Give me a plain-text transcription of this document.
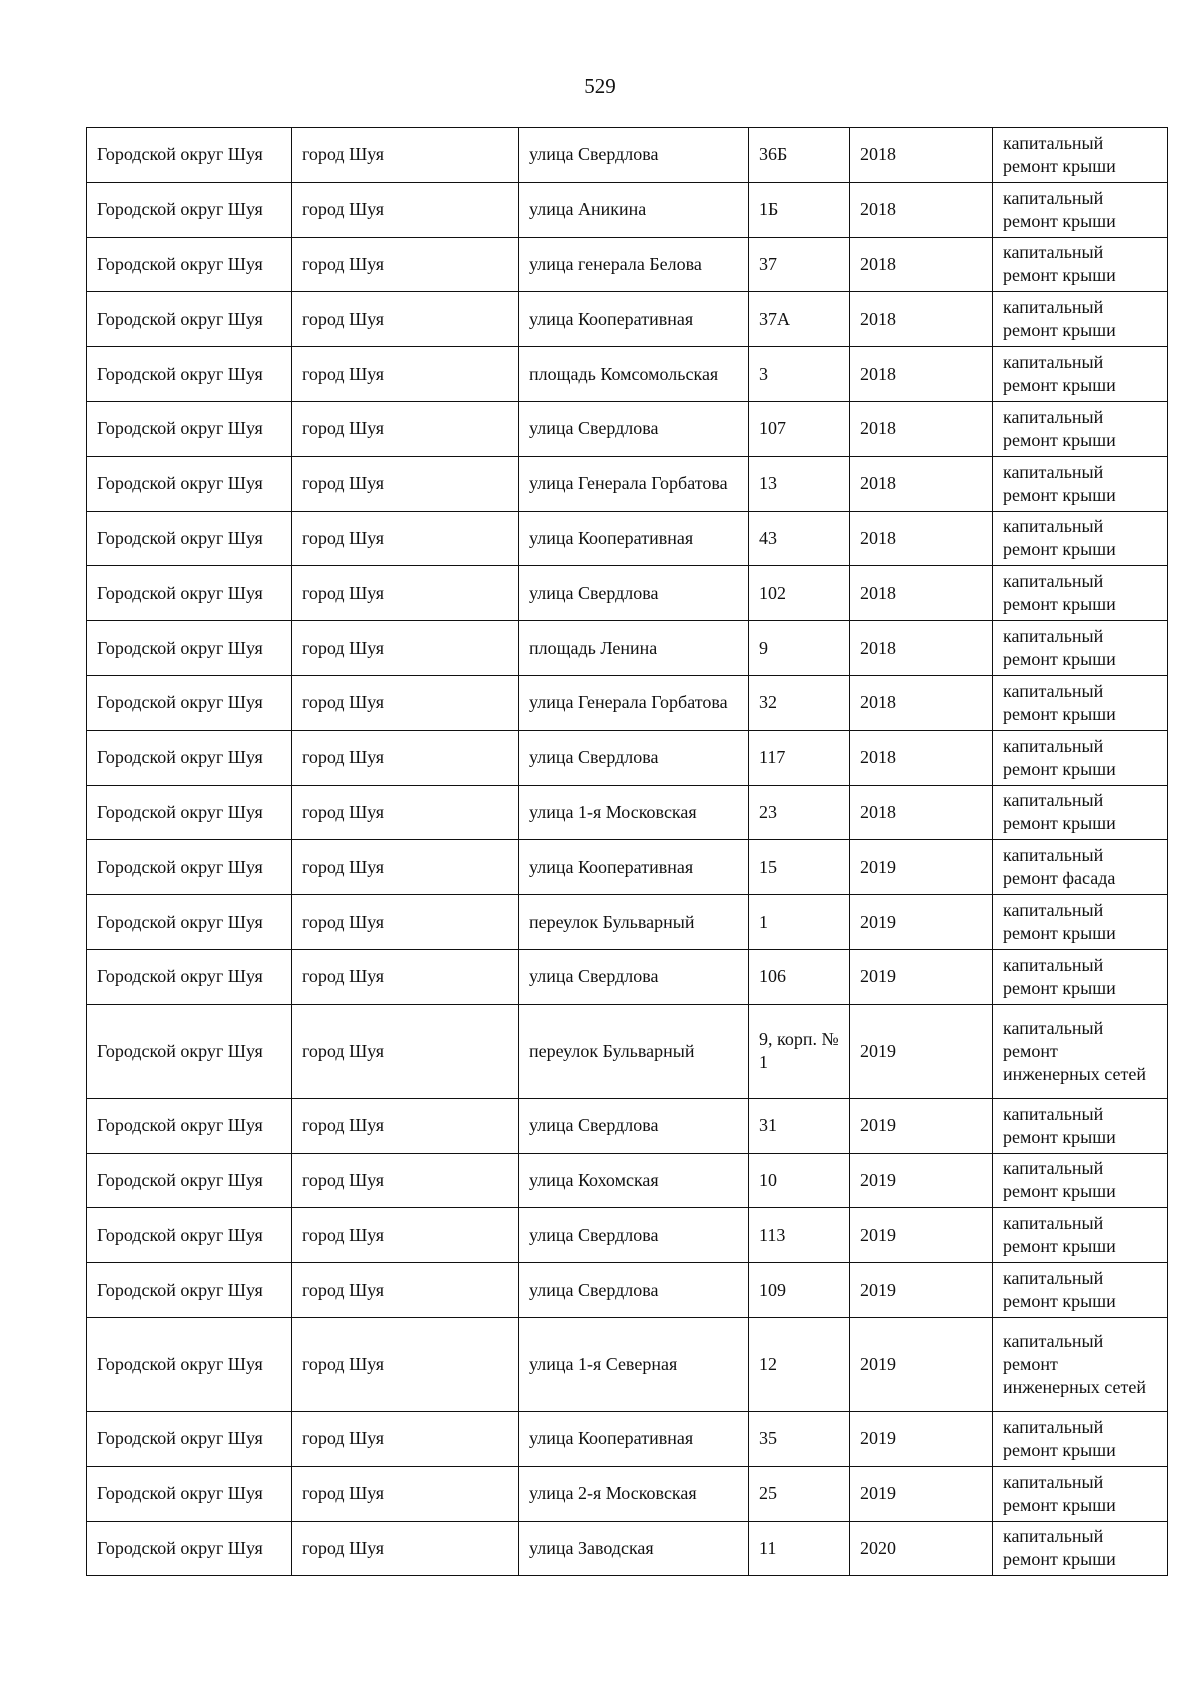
529
Городской округ Шуя	город Шуя	улица Свердлова	36Б	2018	капитальный ремонт крыши
Городской округ Шуя	город Шуя	улица Аникина	1Б	2018	капитальный ремонт крыши
Городской округ Шуя	город Шуя	улица генерала Белова	37	2018	капитальный ремонт крыши
Городской округ Шуя	город Шуя	улица Кооперативная	37А	2018	капитальный ремонт крыши
Городской округ Шуя	город Шуя	площадь Комсомольская	3	2018	капитальный ремонт крыши
Городской округ Шуя	город Шуя	улица Свердлова	107	2018	капитальный ремонт крыши
Городской округ Шуя	город Шуя	улица Генерала Горбатова	13	2018	капитальный ремонт крыши
Городской округ Шуя	город Шуя	улица Кооперативная	43	2018	капитальный ремонт крыши
Городской округ Шуя	город Шуя	улица Свердлова	102	2018	капитальный ремонт крыши
Городской округ Шуя	город Шуя	площадь Ленина	9	2018	капитальный ремонт крыши
Городской округ Шуя	город Шуя	улица Генерала Горбатова	32	2018	капитальный ремонт крыши
Городской округ Шуя	город Шуя	улица Свердлова	117	2018	капитальный ремонт крыши
Городской округ Шуя	город Шуя	улица 1-я Московская	23	2018	капитальный ремонт крыши
Городской округ Шуя	город Шуя	улица Кооперативная	15	2019	капитальный ремонт фасада
Городской округ Шуя	город Шуя	переулок Бульварный	1	2019	капитальный ремонт крыши
Городской округ Шуя	город Шуя	улица Свердлова	106	2019	капитальный ремонт крыши
Городской округ Шуя	город Шуя	переулок Бульварный	9, корп. № 1	2019	капитальный ремонт инженерных сетей
Городской округ Шуя	город Шуя	улица Свердлова	31	2019	капитальный ремонт крыши
Городской округ Шуя	город Шуя	улица Кохомская	10	2019	капитальный ремонт крыши
Городской округ Шуя	город Шуя	улица Свердлова	113	2019	капитальный ремонт крыши
Городской округ Шуя	город Шуя	улица Свердлова	109	2019	капитальный ремонт крыши
Городской округ Шуя	город Шуя	улица 1-я Северная	12	2019	капитальный ремонт инженерных сетей
Городской округ Шуя	город Шуя	улица Кооперативная	35	2019	капитальный ремонт крыши
Городской округ Шуя	город Шуя	улица 2-я Московская	25	2019	капитальный ремонт крыши
Городской округ Шуя	город Шуя	улица Заводская	11	2020	капитальный ремонт крыши
